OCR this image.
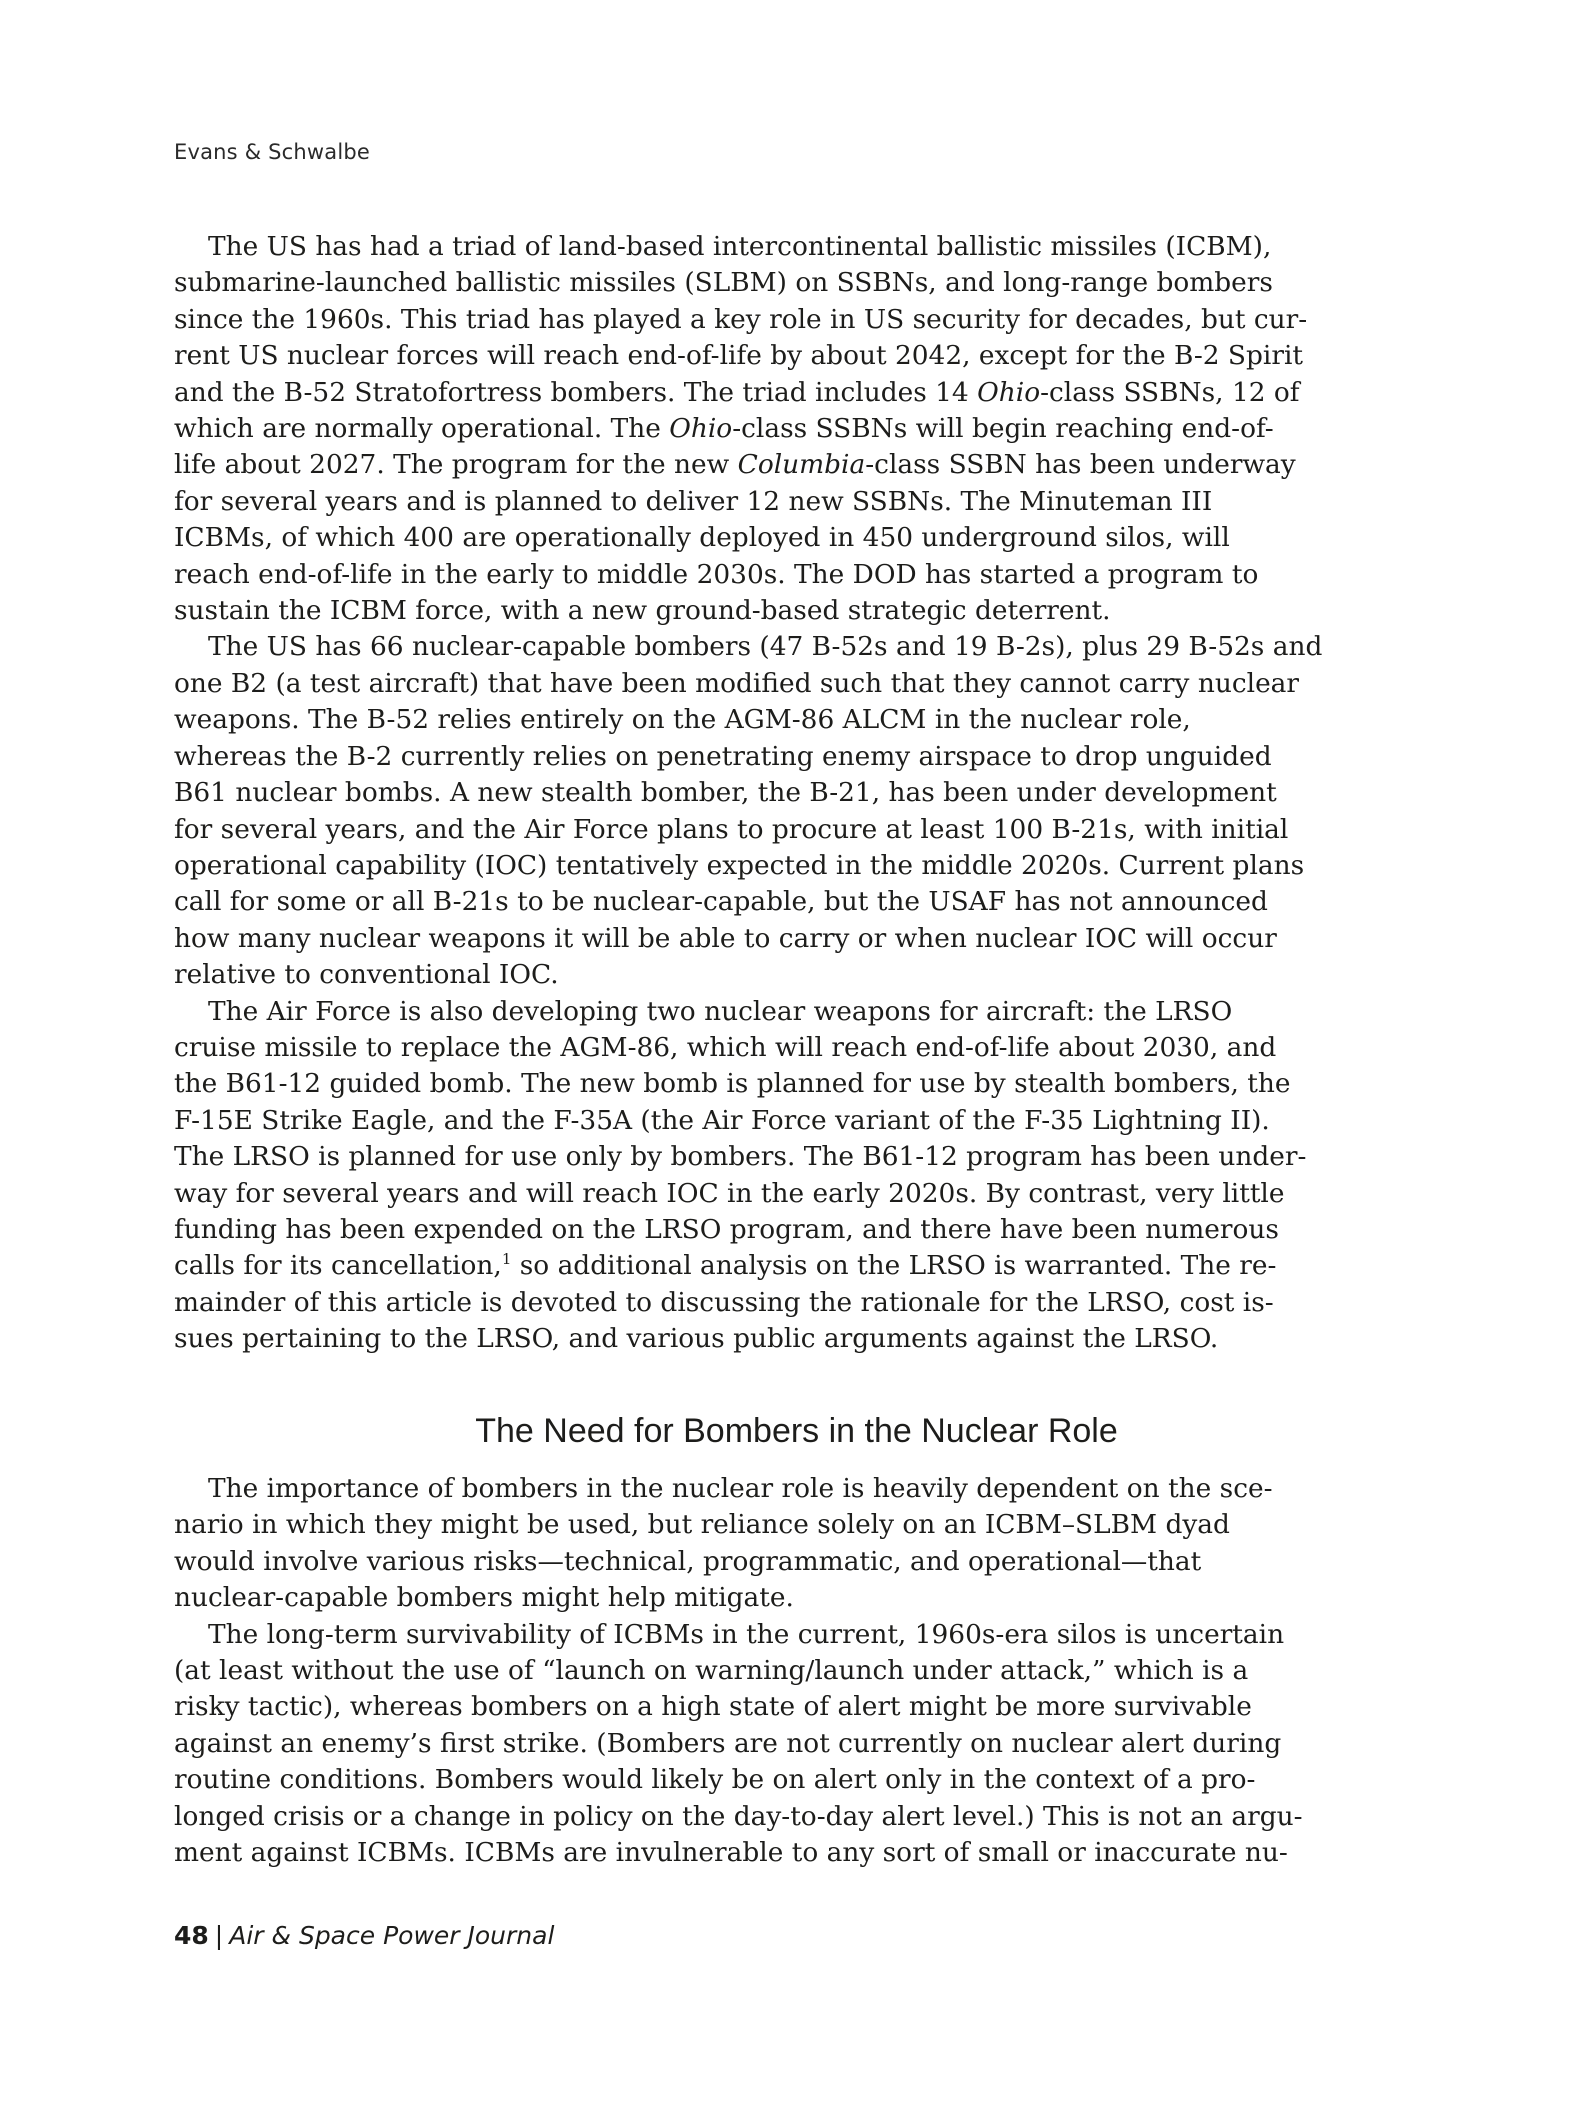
Evans & Schwalbe
The US has had a triad of land-based intercontinental ballistic missiles (ICBM),
submarine-launched ballistic missiles (SLBM) on SSBNs, and long-range bombers
since the 1960s. This triad has played a key role in US security for decades, but cur-
rent US nuclear forces will reach end-of-life by about 2042, except for the B-2 Spirit
and the B-52 Stratofortress bombers. The triad includes 14 Ohio-class SSBNs, 12 of
which are normally operational. The Ohio-class SSBNs will begin reaching end-of-
life about 2027. The program for the new Columbia-class SSBN has been underway
for several years and is planned to deliver 12 new SSBNs. The Minuteman III
ICBMs, of which 400 are operationally deployed in 450 underground silos, will
reach end-of-life in the early to middle 2030s. The DOD has started a program to
sustain the ICBM force, with a new ground-based strategic deterrent.
The US has 66 nuclear-capable bombers (47 B-52s and 19 B-2s), plus 29 B-52s and
one B2 (a test aircraft) that have been modified such that they cannot carry nuclear
weapons. The B-52 relies entirely on the AGM-86 ALCM in the nuclear role,
whereas the B-2 currently relies on penetrating enemy airspace to drop unguided
B61 nuclear bombs. A new stealth bomber, the B-21, has been under development
for several years, and the Air Force plans to procure at least 100 B-21s, with initial
operational capability (IOC) tentatively expected in the middle 2020s. Current plans
call for some or all B-21s to be nuclear-capable, but the USAF has not announced
how many nuclear weapons it will be able to carry or when nuclear IOC will occur
relative to conventional IOC.
The Air Force is also developing two nuclear weapons for aircraft: the LRSO
cruise missile to replace the AGM-86, which will reach end-of-life about 2030, and
the B61-12 guided bomb. The new bomb is planned for use by stealth bombers, the
F-15E Strike Eagle, and the F-35A (the Air Force variant of the F-35 Lightning II).
The LRSO is planned for use only by bombers. The B61-12 program has been under-
way for several years and will reach IOC in the early 2020s. By contrast, very little
funding has been expended on the LRSO program, and there have been numerous
calls for its cancellation,$^1$ so additional analysis on the LRSO is warranted. The re-
mainder of this article is devoted to discussing the rationale for the LRSO, cost is-
sues pertaining to the LRSO, and various public arguments against the LRSO.
The Need for Bombers in the Nuclear Role
The importance of bombers in the nuclear role is heavily dependent on the sce-
nario in which they might be used, but reliance solely on an ICBM–SLBM dyad
would involve various risks—technical, programmatic, and operational—that
nuclear-capable bombers might help mitigate.
The long-term survivability of ICBMs in the current, 1960s-era silos is uncertain
(at least without the use of “launch on warning/launch under attack,” which is a
risky tactic), whereas bombers on a high state of alert might be more survivable
against an enemy’s first strike. (Bombers are not currently on nuclear alert during
routine conditions. Bombers would likely be on alert only in the context of a pro-
longed crisis or a change in policy on the day-to-day alert level.) This is not an argu-
ment against ICBMs. ICBMs are invulnerable to any sort of small or inaccurate nu-
48 | Air & Space Power Journal
